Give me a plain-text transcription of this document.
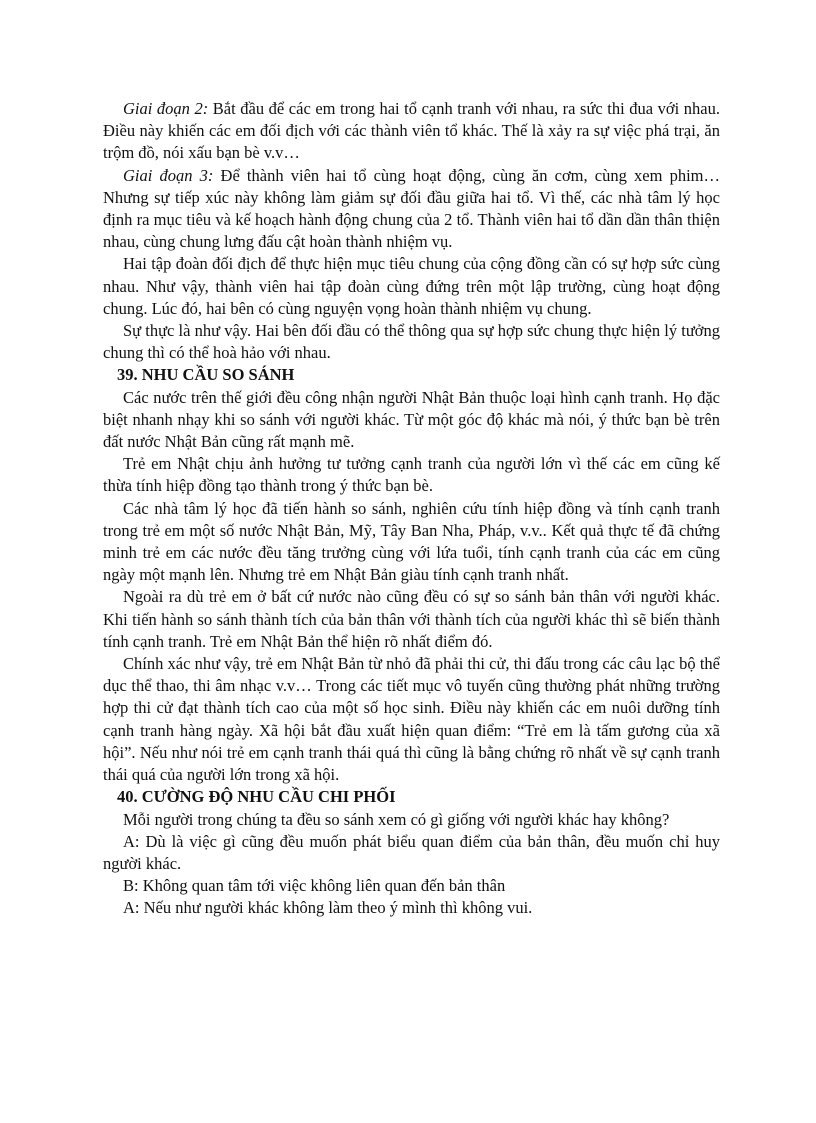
Giai đoạn 2: Bắt đầu để các em trong hai tổ cạnh tranh với nhau, ra sức thi đua với nhau. Điều này khiến các em đối địch với các thành viên tổ khác. Thế là xảy ra sự việc phá trại, ăn trộm đồ, nói xấu bạn bè v.v…

Giai đoạn 3: Để thành viên hai tổ cùng hoạt động, cùng ăn cơm, cùng xem phim… Nhưng sự tiếp xúc này không làm giảm sự đối đầu giữa hai tổ. Vì thế, các nhà tâm lý học định ra mục tiêu và kế hoạch hành động chung của 2 tổ. Thành viên hai tổ dần dần thân thiện nhau, cùng chung lưng đấu cật hoàn thành nhiệm vụ.

Hai tập đoàn đối địch để thực hiện mục tiêu chung của cộng đồng cần có sự hợp sức cùng nhau. Như vậy, thành viên hai tập đoàn cùng đứng trên một lập trường, cùng hoạt động chung. Lúc đó, hai bên có cùng nguyện vọng hoàn thành nhiệm vụ chung.

Sự thực là như vậy. Hai bên đối đầu có thể thông qua sự hợp sức chung thực hiện lý tưởng chung thì có thể hoà hảo với nhau.

39. NHU CẦU SO SÁNH

Các nước trên thế giới đều công nhận người Nhật Bản thuộc loại hình cạnh tranh. Họ đặc biệt nhanh nhạy khi so sánh với người khác. Từ một góc độ khác mà nói, ý thức bạn bè trên đất nước Nhật Bản cũng rất mạnh mẽ.

Trẻ em Nhật chịu ảnh hưởng tư tưởng cạnh tranh của người lớn vì thế các em cũng kế thừa tính hiệp đồng tạo thành trong ý thức bạn bè.

Các nhà tâm lý học đã tiến hành so sánh, nghiên cứu tính hiệp đồng và tính cạnh tranh trong trẻ em một số nước Nhật Bản, Mỹ, Tây Ban Nha, Pháp, v.v.. Kết quả thực tế đã chứng minh trẻ em các nước đều tăng trưởng cùng với lứa tuổi, tính cạnh tranh của các em cũng ngày một mạnh lên. Nhưng trẻ em Nhật Bản giàu tính cạnh tranh nhất.

Ngoài ra dù trẻ em ở bất cứ nước nào cũng đều có sự so sánh bản thân với người khác. Khi tiến hành so sánh thành tích của bản thân với thành tích của người khác thì sẽ biến thành tính cạnh tranh. Trẻ em Nhật Bản thể hiện rõ nhất điểm đó.

Chính xác như vậy, trẻ em Nhật Bản từ nhỏ đã phải thi cử, thi đấu trong các câu lạc bộ thể dục thể thao, thi âm nhạc v.v… Trong các tiết mục vô tuyến cũng thường phát những trường hợp thi cử đạt thành tích cao của một số học sinh. Điều này khiến các em nuôi dưỡng tính cạnh tranh hàng ngày. Xã hội bắt đầu xuất hiện quan điểm: “Trẻ em là tấm gương của xã hội”. Nếu như nói trẻ em cạnh tranh thái quá thì cũng là bằng chứng rõ nhất về sự cạnh tranh thái quá của người lớn trong xã hội.

40. CƯỜNG ĐỘ NHU CẦU CHI PHỐI

Mỗi người trong chúng ta đều so sánh xem có gì giống với người khác hay không?

A: Dù là việc gì cũng đều muốn phát biểu quan điểm của bản thân, đều muốn chỉ huy người khác.

B: Không quan tâm tới việc không liên quan đến bản thân

A: Nếu như người khác không làm theo ý mình thì không vui.
